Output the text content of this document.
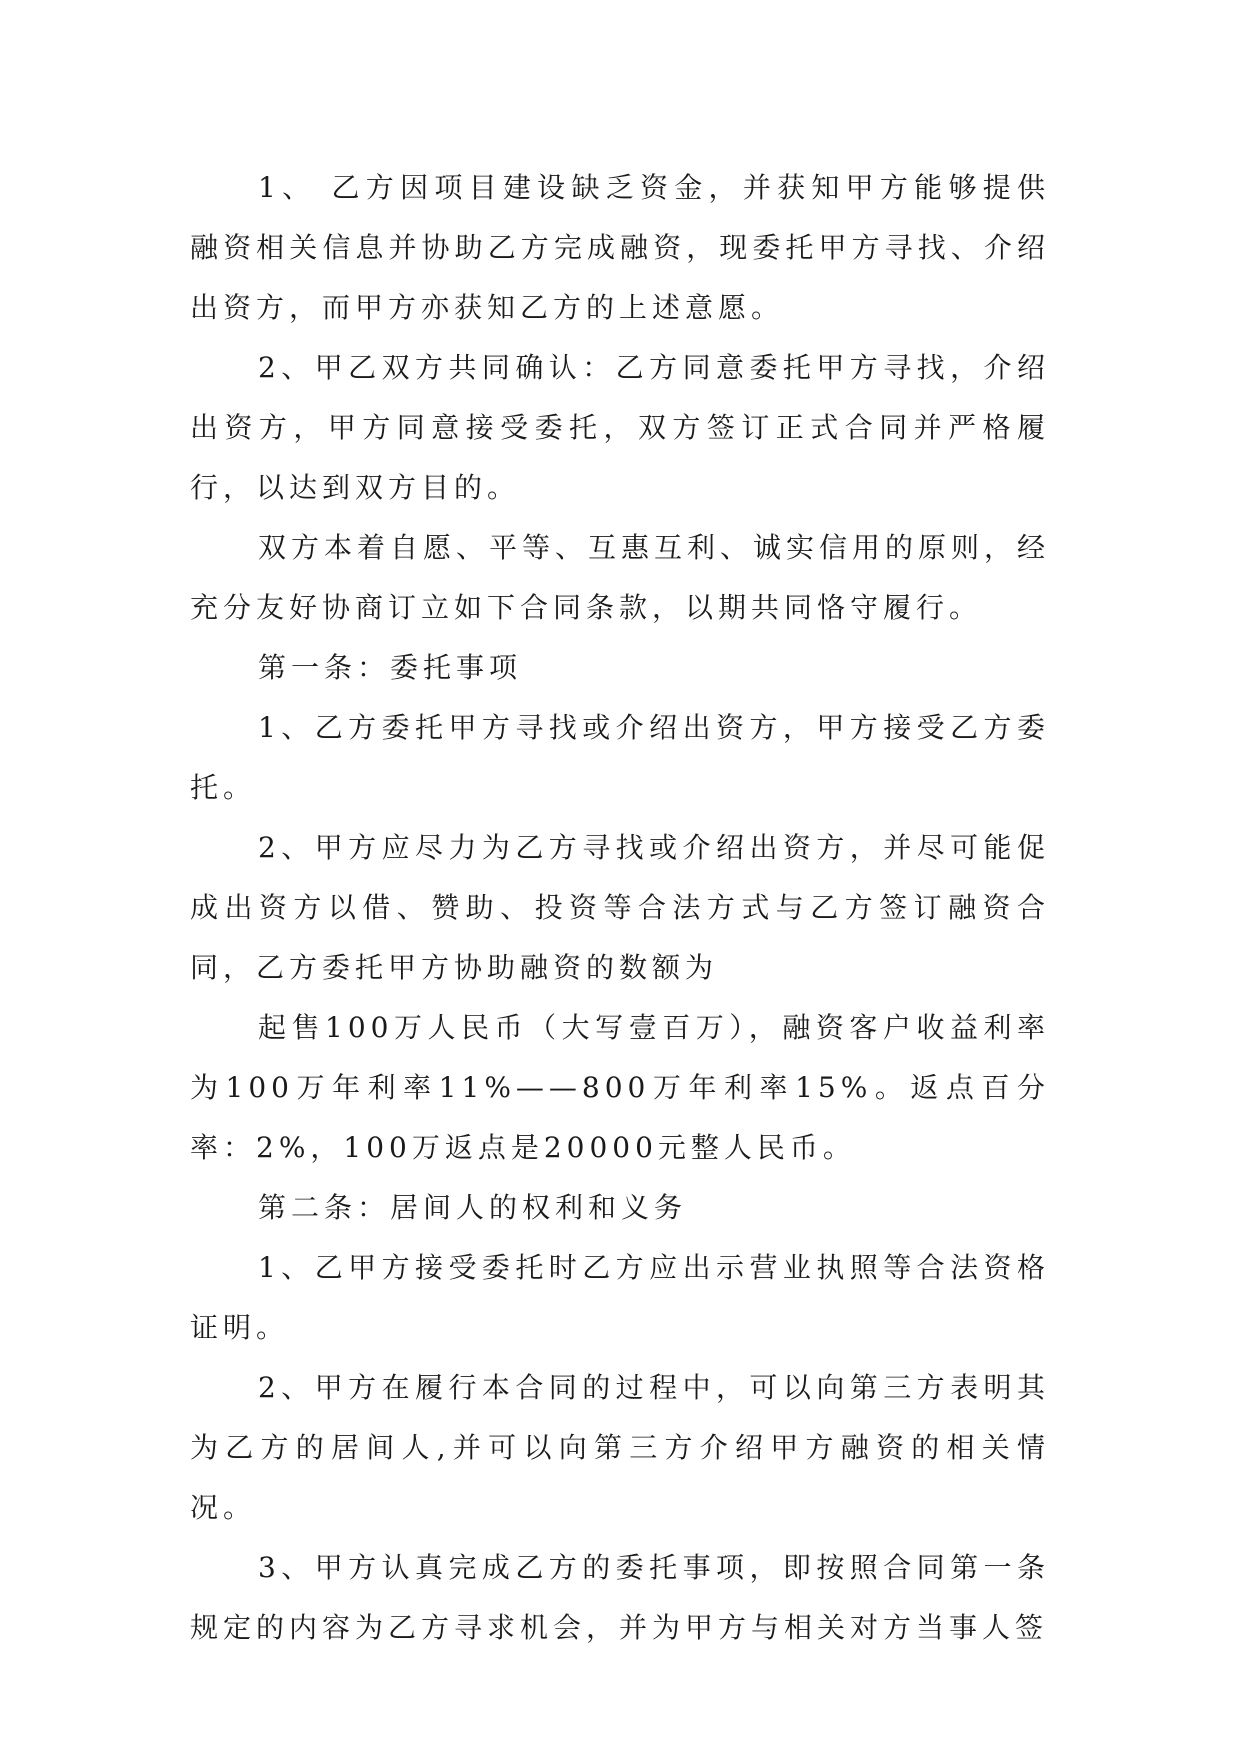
1、 乙方因项目建设缺乏资金，并获知甲方能够提供融资相关信息并协助乙方完成融资，现委托甲方寻找、介绍出资方，而甲方亦获知乙方的上述意愿。

2、甲乙双方共同确认：乙方同意委托甲方寻找，介绍出资方，甲方同意接受委托，双方签订正式合同并严格履行，以达到双方目的。

双方本着自愿、平等、互惠互利、诚实信用的原则，经充分友好协商订立如下合同条款，以期共同恪守履行。

第一条：委托事项

1、乙方委托甲方寻找或介绍出资方，甲方接受乙方委托。

2、甲方应尽力为乙方寻找或介绍出资方，并尽可能促成出资方以借、赞助、投资等合法方式与乙方签订融资合同，乙方委托甲方协助融资的数额为

起售100万人民币（大写壹百万），融资客户收益利率为100万年利率11%——800万年利率15%。返点百分率：2%，100万返点是20000元整人民币。

第二条：居间人的权利和义务

1、乙甲方接受委托时乙方应出示营业执照等合法资格证明。

2、甲方在履行本合同的过程中，可以向第三方表明其为乙方的居间人,并可以向第三方介绍甲方融资的相关情况。

3、甲方认真完成乙方的委托事项，即按照合同第一条规定的内容为乙方寻求机会，并为甲方与相关对方当事人签
